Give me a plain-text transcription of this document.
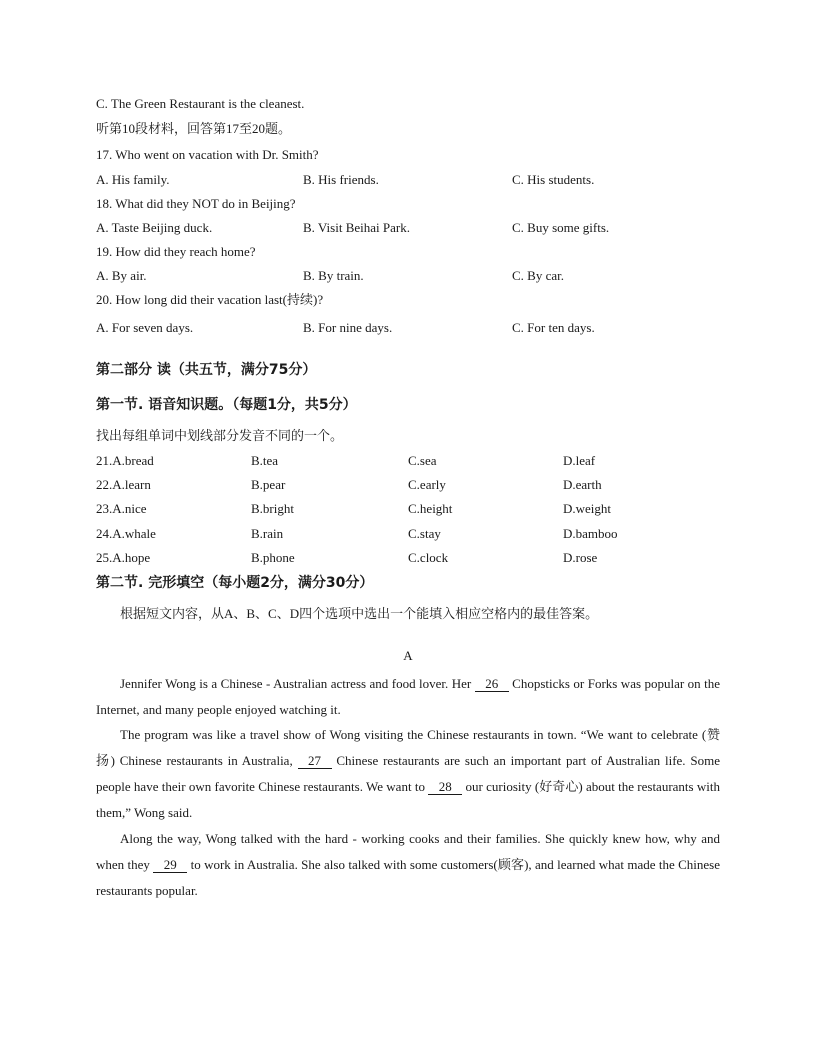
C. The Green Restaurant is the cleanest.
听第10段材料，回答第17至20题。
17. Who went on vacation with Dr. Smith?
A. His family.	B. His friends.	C. His students.
18. What did they NOT do in Beijing?
A. Taste Beijing duck.	B. Visit Beihai Park.	C. Buy some gifts.
19. How did they reach home?
A. By air.	B. By train.	C. By car.
20. How long did their vacation last(持续)?
A. For seven days.	B. For nine days.	C. For ten days.
第二部分 读（共五节，满分75分）
第一节. 语音知识题。（每题1分，共5分）
找出每组单词中划线部分发音不同的一个。
21.A.bread	B.tea	C.sea	D.leaf
22.A.learn	B.pear	C.early	D.earth
23.A.nice	B.bright	C.height	D.weight
24.A.whale	B.rain	C.stay	D.bamboo
25.A.hope	B.phone	C.clock	D.rose
第二节. 完形填空（每小题2分，满分30分）
根据短文内容，从A、B、C、D四个选项中选出一个能填入相应空格内的最佳答案。
A
Jennifer Wong is a Chinese - Australian actress and food lover. Her 26 Chopsticks or Forks was popular on the Internet, and many people enjoyed watching it.
The program was like a travel show of Wong visiting the Chinese restaurants in town. “We want to celebrate (赞扬) Chinese restaurants in Australia, 27 Chinese restaurants are such an important part of Australian life. Some people have their own favorite Chinese restaurants. We want to 28 our curiosity (好奇心) about the restaurants with them,” Wong said.
Along the way, Wong talked with the hard - working cooks and their families. She quickly knew how, why and when they 29 to work in Australia. She also talked with some customers(顾客), and learned what made the Chinese restaurants popular.
